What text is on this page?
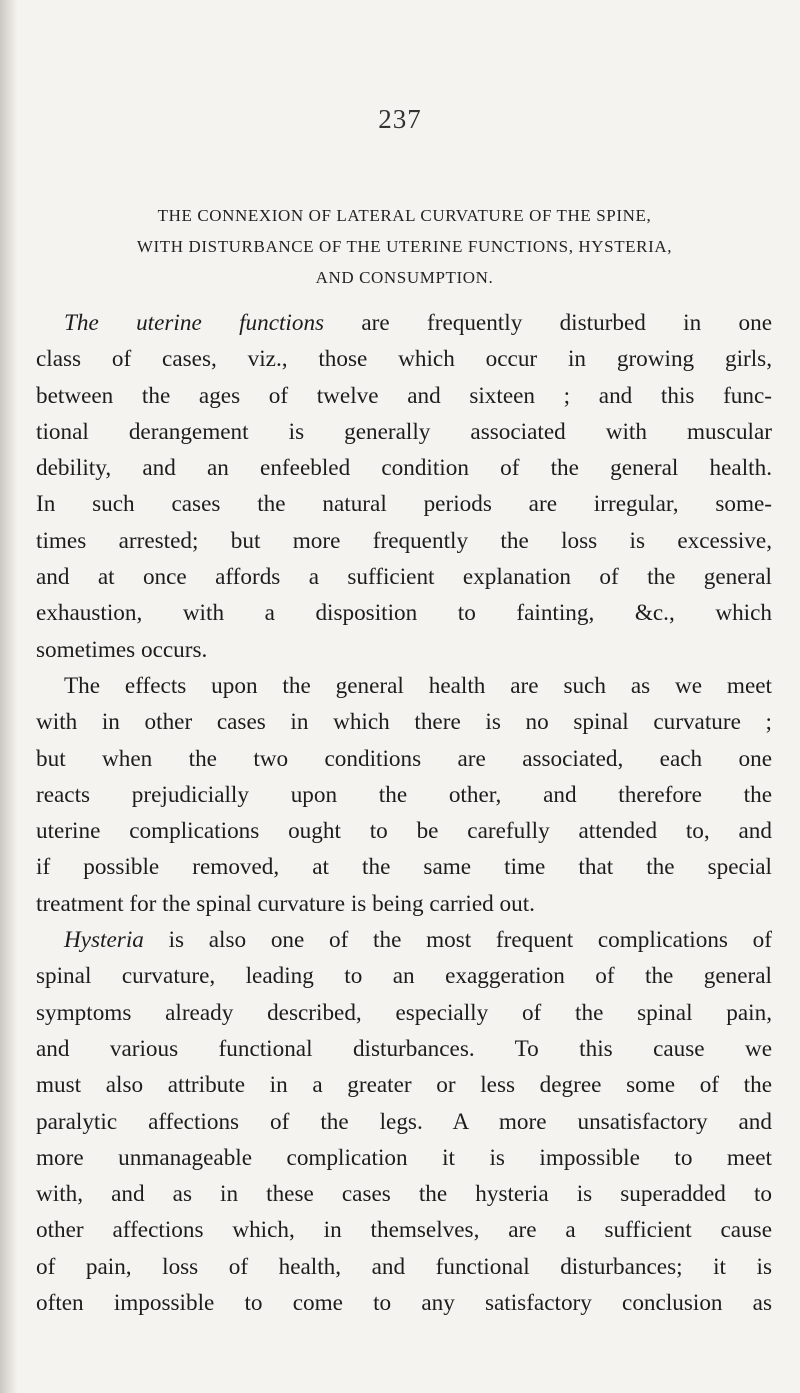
237
THE CONNEXION OF LATERAL CURVATURE OF THE SPINE,
WITH DISTURBANCE OF THE UTERINE FUNCTIONS, HYSTERIA,
AND CONSUMPTION.
The uterine functions are frequently disturbed in one
class of cases, viz., those which occur in growing girls,
between the ages of twelve and sixteen ; and this func-
tional derangement is generally associated with muscular
debility, and an enfeebled condition of the general health.
In such cases the natural periods are irregular, some-
times arrested; but more frequently the loss is excessive,
and at once affords a sufficient explanation of the general
exhaustion, with a disposition to fainting, &c., which
sometimes occurs.
The effects upon the general health are such as we meet
with in other cases in which there is no spinal curvature ;
but when the two conditions are associated, each one
reacts prejudicially upon the other, and therefore the
uterine complications ought to be carefully attended to, and
if possible removed, at the same time that the special
treatment for the spinal curvature is being carried out.
Hysteria is also one of the most frequent complications of
spinal curvature, leading to an exaggeration of the general
symptoms already described, especially of the spinal pain,
and various functional disturbances. To this cause we
must also attribute in a greater or less degree some of the
paralytic affections of the legs. A more unsatisfactory and
more unmanageable complication it is impossible to meet
with, and as in these cases the hysteria is superadded to
other affections which, in themselves, are a sufficient cause
of pain, loss of health, and functional disturbances; it is
often impossible to come to any satisfactory conclusion as
